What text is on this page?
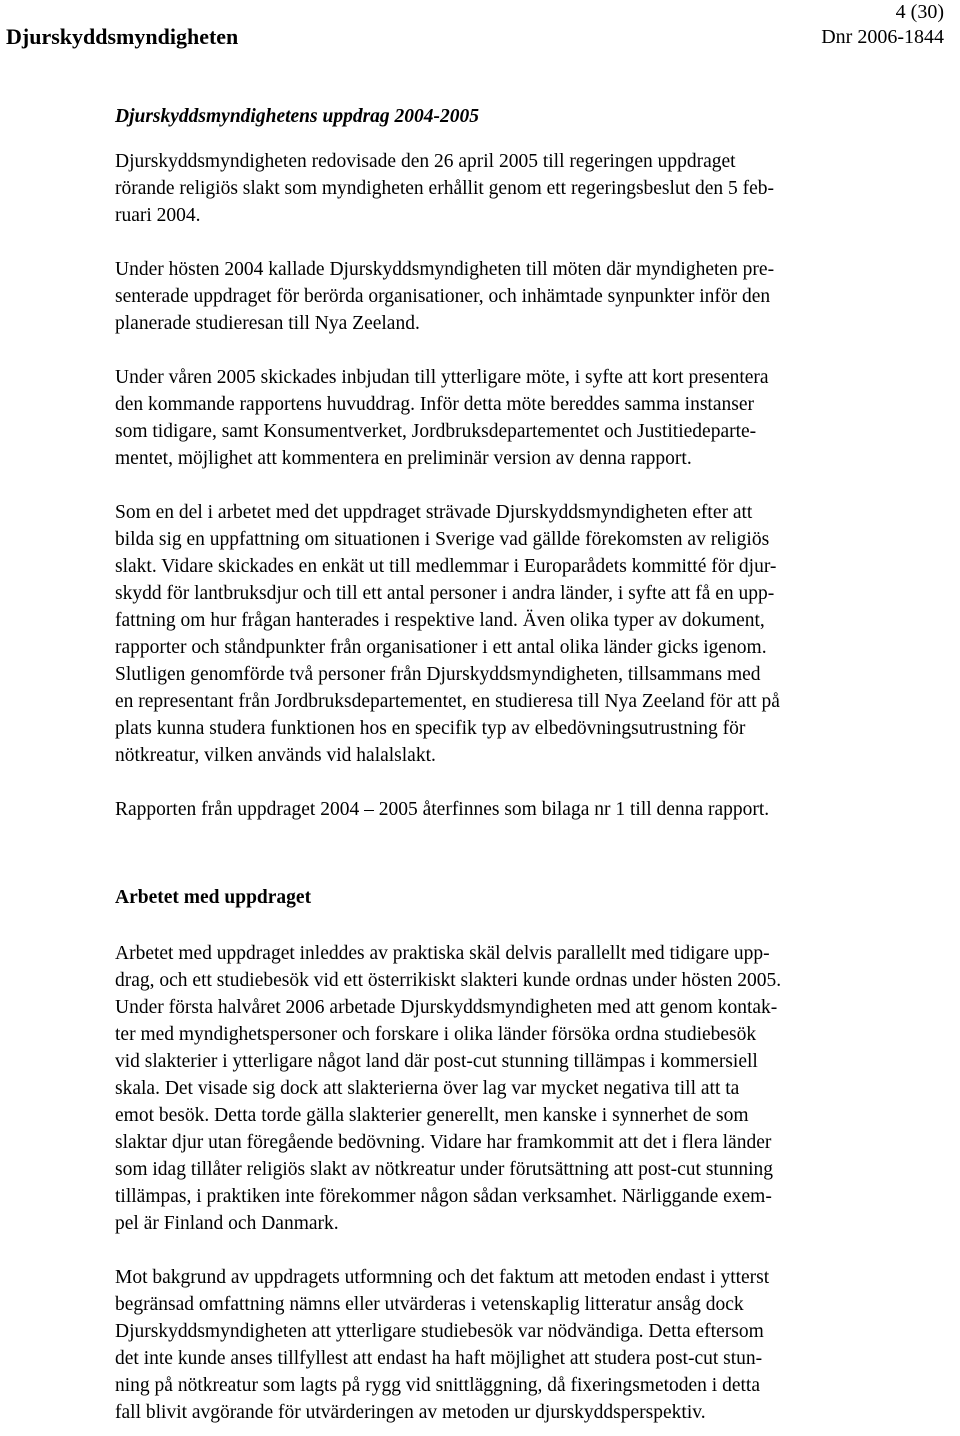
4 (30)
Djurskyddsmyndigheten	Dnr 2006-1844
Djurskyddsmyndighetens uppdrag 2004-2005
Djurskyddsmyndigheten redovisade den 26 april 2005 till regeringen uppdraget
rörande religiös slakt som myndigheten erhållit genom ett regeringsbeslut den 5 feb-
ruari 2004.
Under hösten 2004 kallade Djurskyddsmyndigheten till möten där myndigheten pre-
senterade uppdraget för berörda organisationer, och inhämtade synpunkter inför den
planerade studieresan till Nya Zeeland.
Under våren 2005 skickades inbjudan till ytterligare möte, i syfte att kort presentera
den kommande rapportens huvuddrag. Inför detta möte bereddes samma instanser
som tidigare, samt Konsumentverket, Jordbruksdepartementet och Justitiedeparte-
mentet, möjlighet att kommentera en preliminär version av denna rapport.
Som en del i arbetet med det uppdraget strävade Djurskyddsmyndigheten efter att
bilda sig en uppfattning om situationen i Sverige vad gällde förekomsten av religiös
slakt. Vidare skickades en enkät ut till medlemmar i Europarådets kommitté för djur-
skydd för lantbruksdjur och till ett antal personer i andra länder, i syfte att få en upp-
fattning om hur frågan hanterades i respektive land. Även olika typer av dokument,
rapporter och ståndpunkter från organisationer i ett antal olika länder gicks igenom.
Slutligen genomförde två personer från Djurskyddsmyndigheten, tillsammans med
en representant från Jordbruksdepartementet, en studieresa till Nya Zeeland för att på
plats kunna studera funktionen hos en specifik typ av elbedövningsutrustning för
nötkreatur, vilken används vid halalslakt.
Rapporten från uppdraget 2004 – 2005 återfinnes som bilaga nr 1 till denna rapport.
Arbetet med uppdraget
Arbetet med uppdraget inleddes av praktiska skäl delvis parallellt med tidigare upp-
drag, och ett studiebesök vid ett österrikiskt slakteri kunde ordnas under hösten 2005.
Under första halvåret 2006 arbetade Djurskyddsmyndigheten med att genom kontak-
ter med myndighetspersoner och forskare i olika länder försöka ordna studiebesök
vid slakterier i ytterligare något land där post-cut stunning tillämpas i kommersiell
skala. Det visade sig dock att slakterierna över lag var mycket negativa till att ta
emot besök. Detta torde gälla slakterier generellt, men kanske i synnerhet de som
slaktar djur utan föregående bedövning. Vidare har framkommit att det i flera länder
som idag tillåter religiös slakt av nötkreatur under förutsättning att post-cut stunning
tillämpas, i praktiken inte förekommer någon sådan verksamhet. Närliggande exem-
pel är Finland och Danmark.
Mot bakgrund av uppdragets utformning och det faktum att metoden endast i ytterst
begränsad omfattning nämns eller utvärderas i vetenskaplig litteratur ansåg dock
Djurskyddsmyndigheten att ytterligare studiebesök var nödvändiga. Detta eftersom
det inte kunde anses tillfyllest att endast ha haft möjlighet att studera post-cut stun-
ning på nötkreatur som lagts på rygg vid snittläggning, då fixeringsmetoden i detta
fall blivit avgörande för utvärderingen av metoden ur djurskyddsperspektiv.
